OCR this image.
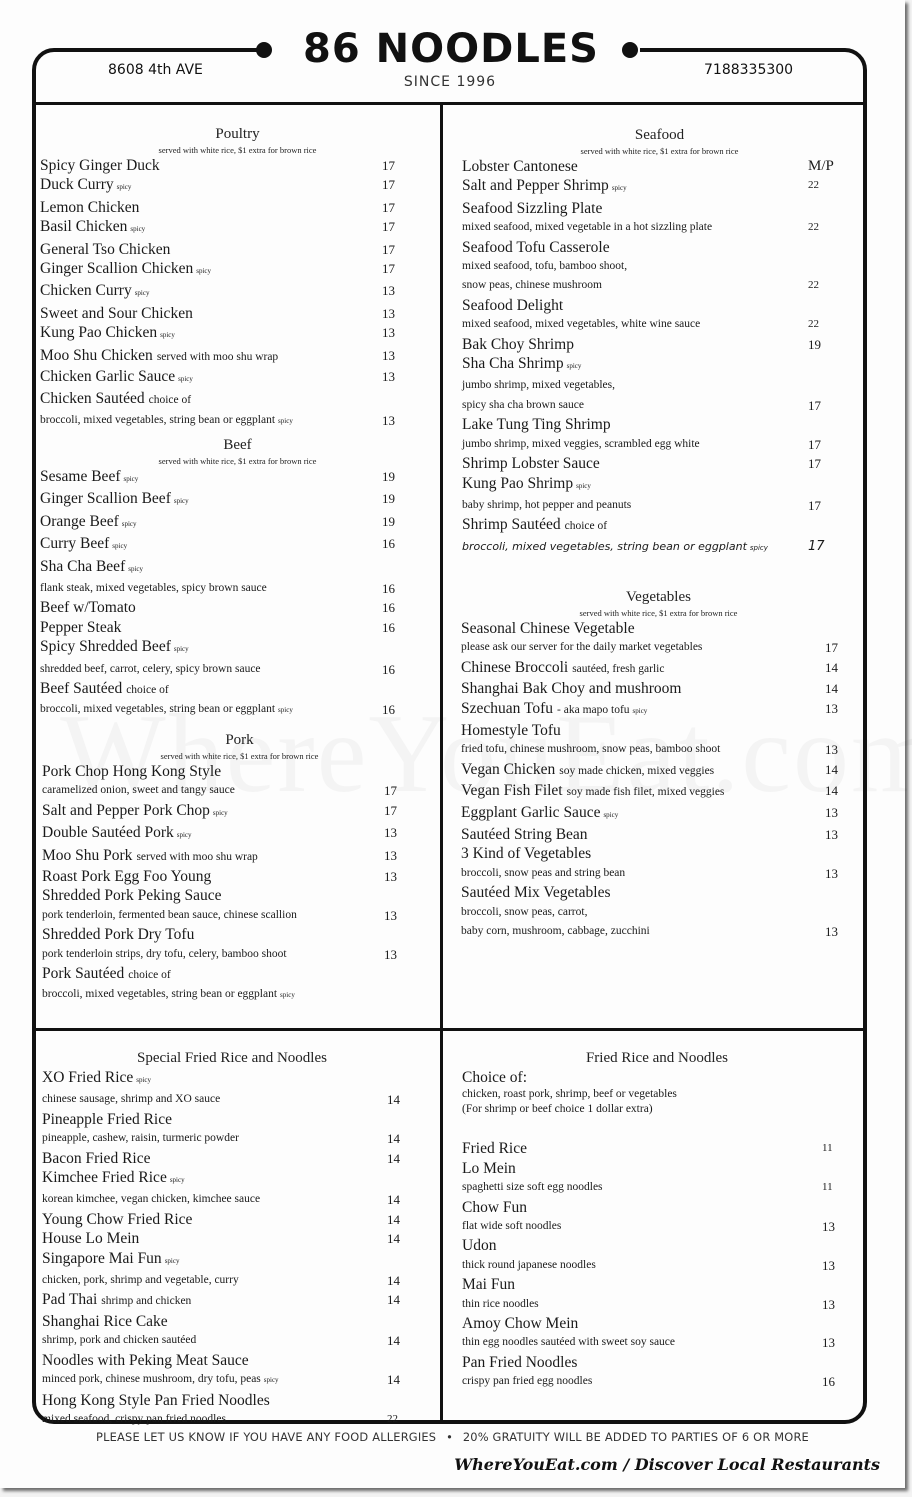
86 NOODLES
SINCE 1996
8608 4th AVE	7188335300
Poultry
served with white rice, $1 extra for brown rice
Spicy Ginger Duck	17
Duck Curry spicy	17
Lemon Chicken	17
Basil Chicken spicy	17
General Tso Chicken	17
Ginger Scallion Chicken spicy	17
Chicken Curry spicy	13
Sweet and Sour Chicken	13
Kung Pao Chicken spicy	13
Moo Shu Chicken served with moo shu wrap	13
Chicken Garlic Sauce spicy	13
Chicken Sautéed choice of
broccoli, mixed vegetables, string bean or eggplant spicy	13
Beef
served with white rice, $1 extra for brown rice
Sesame Beef spicy	19
Ginger Scallion Beef spicy	19
Orange Beef spicy	19
Curry Beef spicy	16
Sha Cha Beef spicy
flank steak, mixed vegetables, spicy brown sauce	16
Beef w/Tomato	16
Pepper Steak	16
Spicy Shredded Beef spicy
shredded beef, carrot, celery, spicy brown sauce	16
Beef Sautéed choice of
broccoli, mixed vegetables, string bean or eggplant spicy	16
Pork
served with white rice, $1 extra for brown rice
Pork Chop Hong Kong Style
caramelized onion, sweet and tangy sauce	17
Salt and Pepper Pork Chop spicy	17
Double Sautéed Pork spicy	13
Moo Shu Pork served with moo shu wrap	13
Roast Pork Egg Foo Young	13
Shredded Pork Peking Sauce
pork tenderloin, fermented bean sauce, chinese scallion	13
Shredded Pork Dry Tofu
pork tenderloin strips, dry tofu, celery, bamboo shoot	13
Pork Sautéed choice of
broccoli, mixed vegetables, string bean or eggplant spicy
Seafood
served with white rice, $1 extra for brown rice
Lobster Cantonese	M/P
Salt and Pepper Shrimp spicy	22
Seafood Sizzling Plate
mixed seafood, mixed vegetable in a hot sizzling plate	22
Seafood Tofu Casserole
mixed seafood, tofu, bamboo shoot,
snow peas, chinese mushroom	22
Seafood Delight
mixed seafood, mixed vegetables, white wine sauce	22
Bak Choy Shrimp	19
Sha Cha Shrimp spicy
jumbo shrimp, mixed vegetables,
spicy sha cha brown sauce	17
Lake Tung Ting Shrimp
jumbo shrimp, mixed veggies, scrambled egg white	17
Shrimp Lobster Sauce	17
Kung Pao Shrimp spicy
baby shrimp, hot pepper and peanuts	17
Shrimp Sautéed choice of
broccoli, mixed vegetables, string bean or eggplant spicy	17
Vegetables
served with white rice, $1 extra for brown rice
Seasonal Chinese Vegetable
please ask our server for the daily market vegetables	17
Chinese Broccoli sautéed, fresh garlic	14
Shanghai Bak Choy and mushroom	14
Szechuan Tofu - aka mapo tofu spicy	13
Homestyle Tofu
fried tofu, chinese mushroom, snow peas, bamboo shoot	13
Vegan Chicken soy made chicken, mixed veggies	14
Vegan Fish Filet soy made fish filet, mixed veggies	14
Eggplant Garlic Sauce spicy	13
Sautéed String Bean	13
3 Kind of Vegetables
broccoli, snow peas and string bean	13
Sautéed Mix Vegetables
broccoli, snow peas, carrot,
baby corn, mushroom, cabbage, zucchini	13
Special Fried Rice and Noodles
XO Fried Rice spicy
chinese sausage, shrimp and XO sauce	14
Pineapple Fried Rice
pineapple, cashew, raisin, turmeric powder	14
Bacon Fried Rice	14
Kimchee Fried Rice spicy
korean kimchee, vegan chicken, kimchee sauce	14
Young Chow Fried Rice	14
House Lo Mein	14
Singapore Mai Fun spicy
chicken, pork, shrimp and vegetable, curry	14
Pad Thai shrimp and chicken	14
Shanghai Rice Cake
shrimp, pork and chicken sautéed	14
Noodles with Peking Meat Sauce
minced pork, chinese mushroom, dry tofu, peas spicy	14
Hong Kong Style Pan Fried Noodles
mixed seafood, crispy pan fried noodles	22
Fried Rice and Noodles
Choice of:
chicken, roast pork, shrimp, beef or vegetables
(For shrimp or beef choice 1 dollar extra)
Fried Rice	11
Lo Mein
spaghetti size soft egg noodles	11
Chow Fun
flat wide soft noodles	13
Udon
thick round japanese noodles	13
Mai Fun
thin rice noodles	13
Amoy Chow Mein
thin egg noodles sautéed with sweet soy sauce	13
Pan Fried Noodles
crispy pan fried egg noodles	16
PLEASE LET US KNOW IF YOU HAVE ANY FOOD ALLERGIES • 20% GRATUITY WILL BE ADDED TO PARTIES OF 6 OR MORE
WhereYouEat.com / Discover Local Restaurants
